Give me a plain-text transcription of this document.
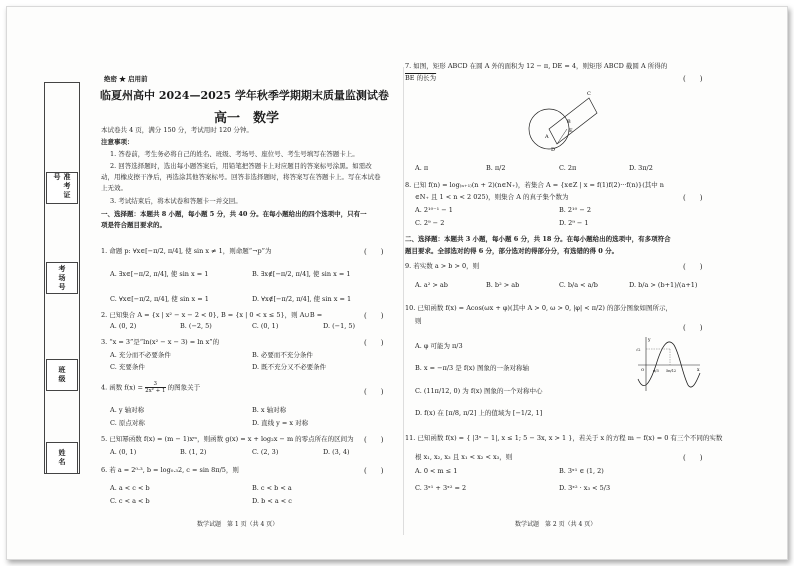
绝密 ★ 启用前
临夏州高中 2024—2025 学年秋季学期期末质量监测试卷
高一　数学
准考证号
考场号
班级
姓名
本试卷共 4 页，满分 150 分，考试用时 120 分钟。
注意事项：
1. 答卷前，考生务必将自己的姓名、班级、考场号、座位号、考生号填写在答题卡上。
2. 回答选择题时，选出每小题答案后，用铅笔把答题卡上对应题目的答案标号涂黑。如需改
动，用橡皮擦干净后，再选涂其他答案标号。回答非选择题时，将答案写在答题卡上。写在本试卷
上无效。
3. 考试结束后，将本试卷和答题卡一并交回。
一、选择题：本题共 8 小题，每小题 5 分，共 40 分。在每小题给出的四个选项中，只有一
项是符合题目要求的。
1. 命题 p: ∀x∈[−π/2, π/4], 使 sin x ≠ 1，则命题“¬p”为	(　　)
A. ∃x∈[−π/2, π/4], 使 sin x = 1	B. ∃x∉[−π/2, π/4], 使 sin x = 1
C. ∀x∈[−π/2, π/4], 使 sin x = 1	D. ∀x∉[−π/2, π/4], 使 sin x = 1
2. 已知集合 A = {x | x² − x − 2 < 0}, B = {x | 0 < x ≤ 5}，则 A∪B =	(　　)
A. (0, 2)	B. (−2, 5)	C. (0, 1)	D. (−1, 5)
3. “x = 3”是“ln(x² − x − 3) = ln x”的	(　　)
A. 充分而不必要条件	B. 必要而不充分条件
C. 充要条件	D. 既不充分又不必要条件
4. 函数 $f(x) = \frac{3}{\text{2x² + 1}}$ 的图象关于
(　　)
A. y 轴对称	B. x 轴对称
C. 原点对称	D. 直线 y = x 对称
5. 已知幂函数 f(x) = (m − 1)xᵐ，则函数 g(x) = x + log₂x − m 的零点所在的区间为 (　　)
A. (0, 1)	B. (1, 2)	C. (2, 3)	D. (3, 4)
6. 若 a = 2⁰·³, b = log₀.₃2, c = sin 8π/5，则	(　　)
A. a < c < b	B. c < b < a
C. c < a < b	D. b < a < c
数学试题　第 1 页（共 4 页）
7. 如图，矩形 ABCD 在圆 A 外的面积为 12 − π, DE = 4，则矩形 ABCD 截圆 A 所得的
BE 的长为	(　　)
A
B
C
D
E
A. π	B. π/2	C. 2π	D. 3π/2
8. 已知 f(n) = log₍ₙ₊₁₎(n + 2)(n∈N₊)，若集合 A = {x∈Z | x = f(1)f(2)···f(n)}(其中 n
∈N₊ 且 1 < n < 2 025)，则集合 A 的真子集个数为	(　　)
A. 2¹⁰⁻¹ − 1	B. 2¹⁰ − 2
C. 2⁹ − 2	D. 2⁹ − 1
二、选择题：本题共 3 小题，每小题 6 分，共 18 分。在每小题给出的选项中，有多项符合
题目要求。全部选对的得 6 分，部分选对的得部分分，有选错的得 0 分。
9. 若实数 a > b > 0，则	(　　)
A. a² > ab	B. b² > ab	C. b/a < a/b	D. b/a > (b+1)/(a+1)
10. 已知函数 f(x) = Acos(ωx + φ)(其中 A > 0, ω > 0, |φ| < π/2) 的部分图象如图所示，
则
(　　)
A. φ 可能为 π/3
B. x = −π/3 是 f(x) 图象的一条对称轴
C. (11π/12, 0) 为 f(x) 图象的一个对称中心
D. f(x) 在 [π/8, π/2] 上的值域为 [−1/2, 1]
y
x
O
√2
π/3 5π/12
11. 已知函数 f(x) = { |3ˣ − 1|, x ≤ 1; 5 − 3x, x > 1 }，若关于 x 的方程 m − f(x) = 0 有三个不同的实数
根 x₁, x₂, x₃ 且 x₁ < x₂ < x₃，则	(　　)
A. 0 < m ≤ 1	B. 3ˣ¹ ∈ (1, 2)
C. 3ˣ¹ + 3ˣ² = 2	D. 3ˣ² · x₃ < 5/3
数学试题　第 2 页（共 4 页）
